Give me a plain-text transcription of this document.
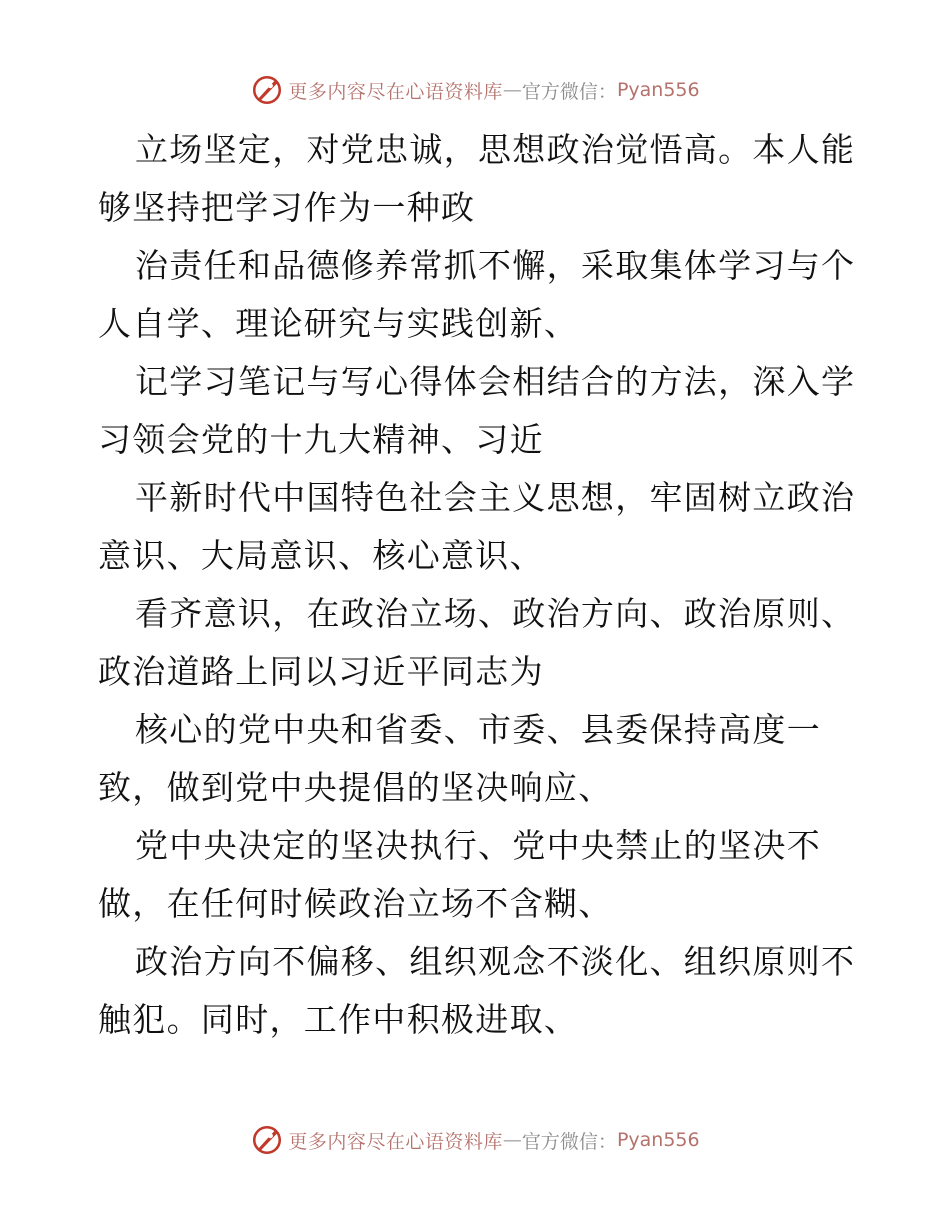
更多内容尽在心语资料库 — 官方微信： Pyan556
立场坚定，对党忠诚，思想政治觉悟高。本人能
够坚持把学习作为一种政
治责任和品德修养常抓不懈，采取集体学习与个
人自学、理论研究与实践创新、
记学习笔记与写心得体会相结合的方法，深入学
习领会党的十九大精神、习近
平新时代中国特色社会主义思想，牢固树立政治
意识、大局意识、核心意识、
看齐意识，在政治立场、政治方向、政治原则、
政治道路上同以习近平同志为
核心的党中央和省委、市委、县委保持高度一
致，做到党中央提倡的坚决响应、
党中央决定的坚决执行、党中央禁止的坚决不
做，在任何时候政治立场不含糊、
政治方向不偏移、组织观念不淡化、组织原则不
触犯。同时，工作中积极进取、
更多内容尽在心语资料库 — 官方微信： Pyan556
